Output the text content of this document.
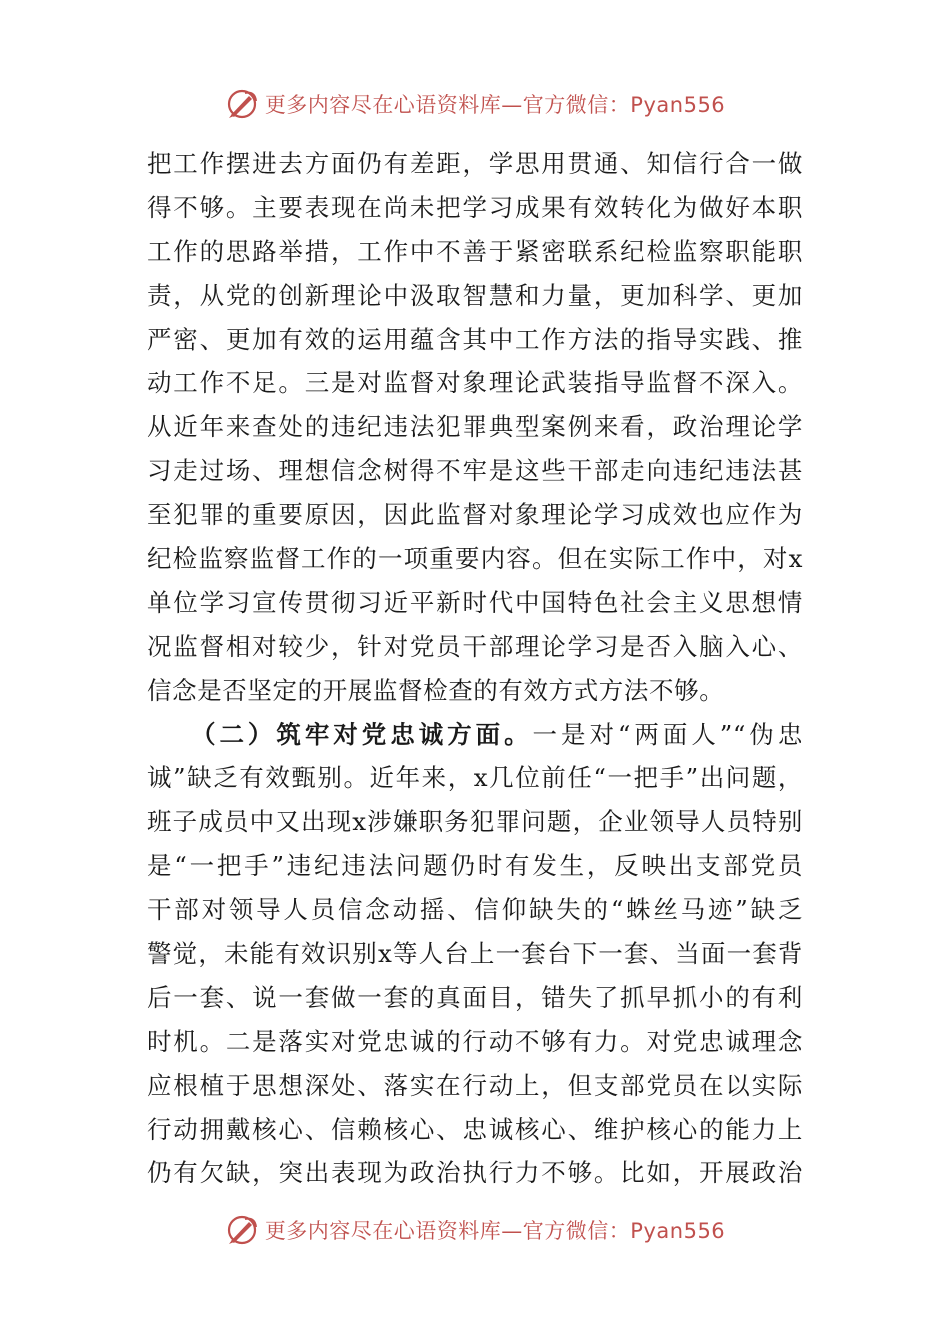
更多内容尽在心语资料库—官方微信：Pyan556
把工作摆进去方面仍有差距，学思用贯通、知信行合一做
得不够。主要表现在尚未把学习成果有效转化为做好本职
工作的思路举措，工作中不善于紧密联系纪检监察职能职
责，从党的创新理论中汲取智慧和力量，更加科学、更加
严密、更加有效的运用蕴含其中工作方法的指导实践、推
动工作不足。三是对监督对象理论武装指导监督不深入。
从近年来查处的违纪违法犯罪典型案例来看，政治理论学
习走过场、理想信念树得不牢是这些干部走向违纪违法甚
至犯罪的重要原因，因此监督对象理论学习成效也应作为
纪检监察监督工作的一项重要内容。但在实际工作中，对x
单位学习宣传贯彻习近平新时代中国特色社会主义思想情
况监督相对较少，针对党员干部理论学习是否入脑入心、
信念是否坚定的开展监督检查的有效方式方法不够。
（二）筑牢对党忠诚方面。一是对“两面人”“伪忠
诚”缺乏有效甄别。近年来，x几位前任“一把手”出问题，
班子成员中又出现x涉嫌职务犯罪问题，企业领导人员特别
是“一把手”违纪违法问题仍时有发生，反映出支部党员
干部对领导人员信念动摇、信仰缺失的“蛛丝马迹”缺乏
警觉，未能有效识别x等人台上一套台下一套、当面一套背
后一套、说一套做一套的真面目，错失了抓早抓小的有利
时机。二是落实对党忠诚的行动不够有力。对党忠诚理念
应根植于思想深处、落实在行动上，但支部党员在以实际
行动拥戴核心、信赖核心、忠诚核心、维护核心的能力上
仍有欠缺，突出表现为政治执行力不够。比如，开展政治
更多内容尽在心语资料库—官方微信：Pyan556
